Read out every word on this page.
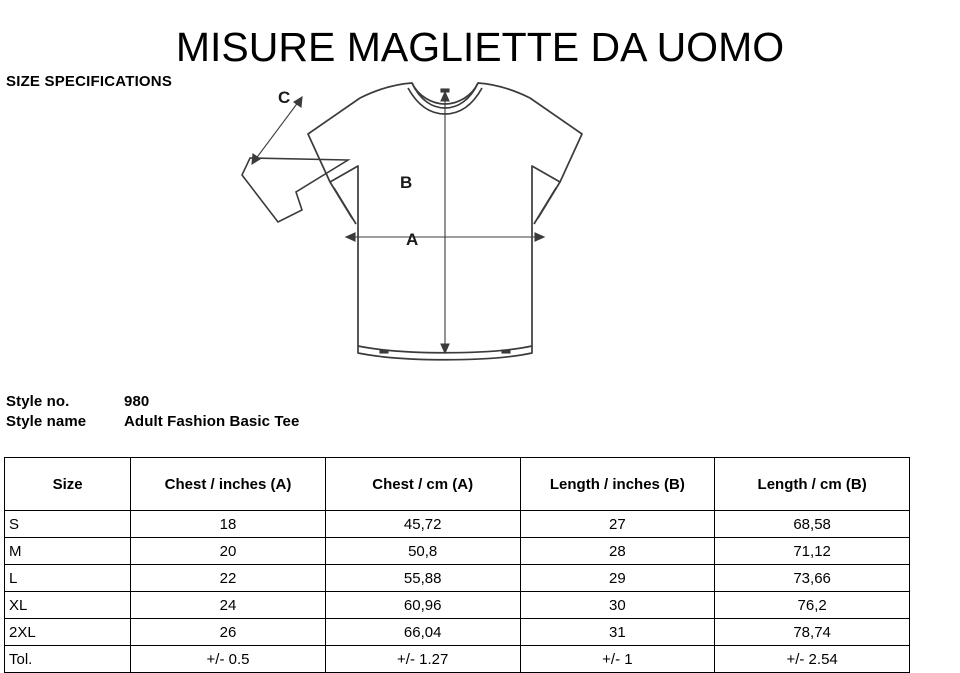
MISURE MAGLIETTE DA UOMO
SIZE SPECIFICATIONS
A
B
C
Style no.	980
Style name	Adult Fashion Basic Tee
Size	Chest / inches (A)	Chest / cm (A)	Length / inches (B)	Length / cm (B)
S	18	45,72	27	68,58
M	20	50,8	28	71,12
L	22	55,88	29	73,66
XL	24	60,96	30	76,2
2XL	26	66,04	31	78,74
Tol.	+/- 0.5	+/- 1.27	+/- 1	+/- 2.54
